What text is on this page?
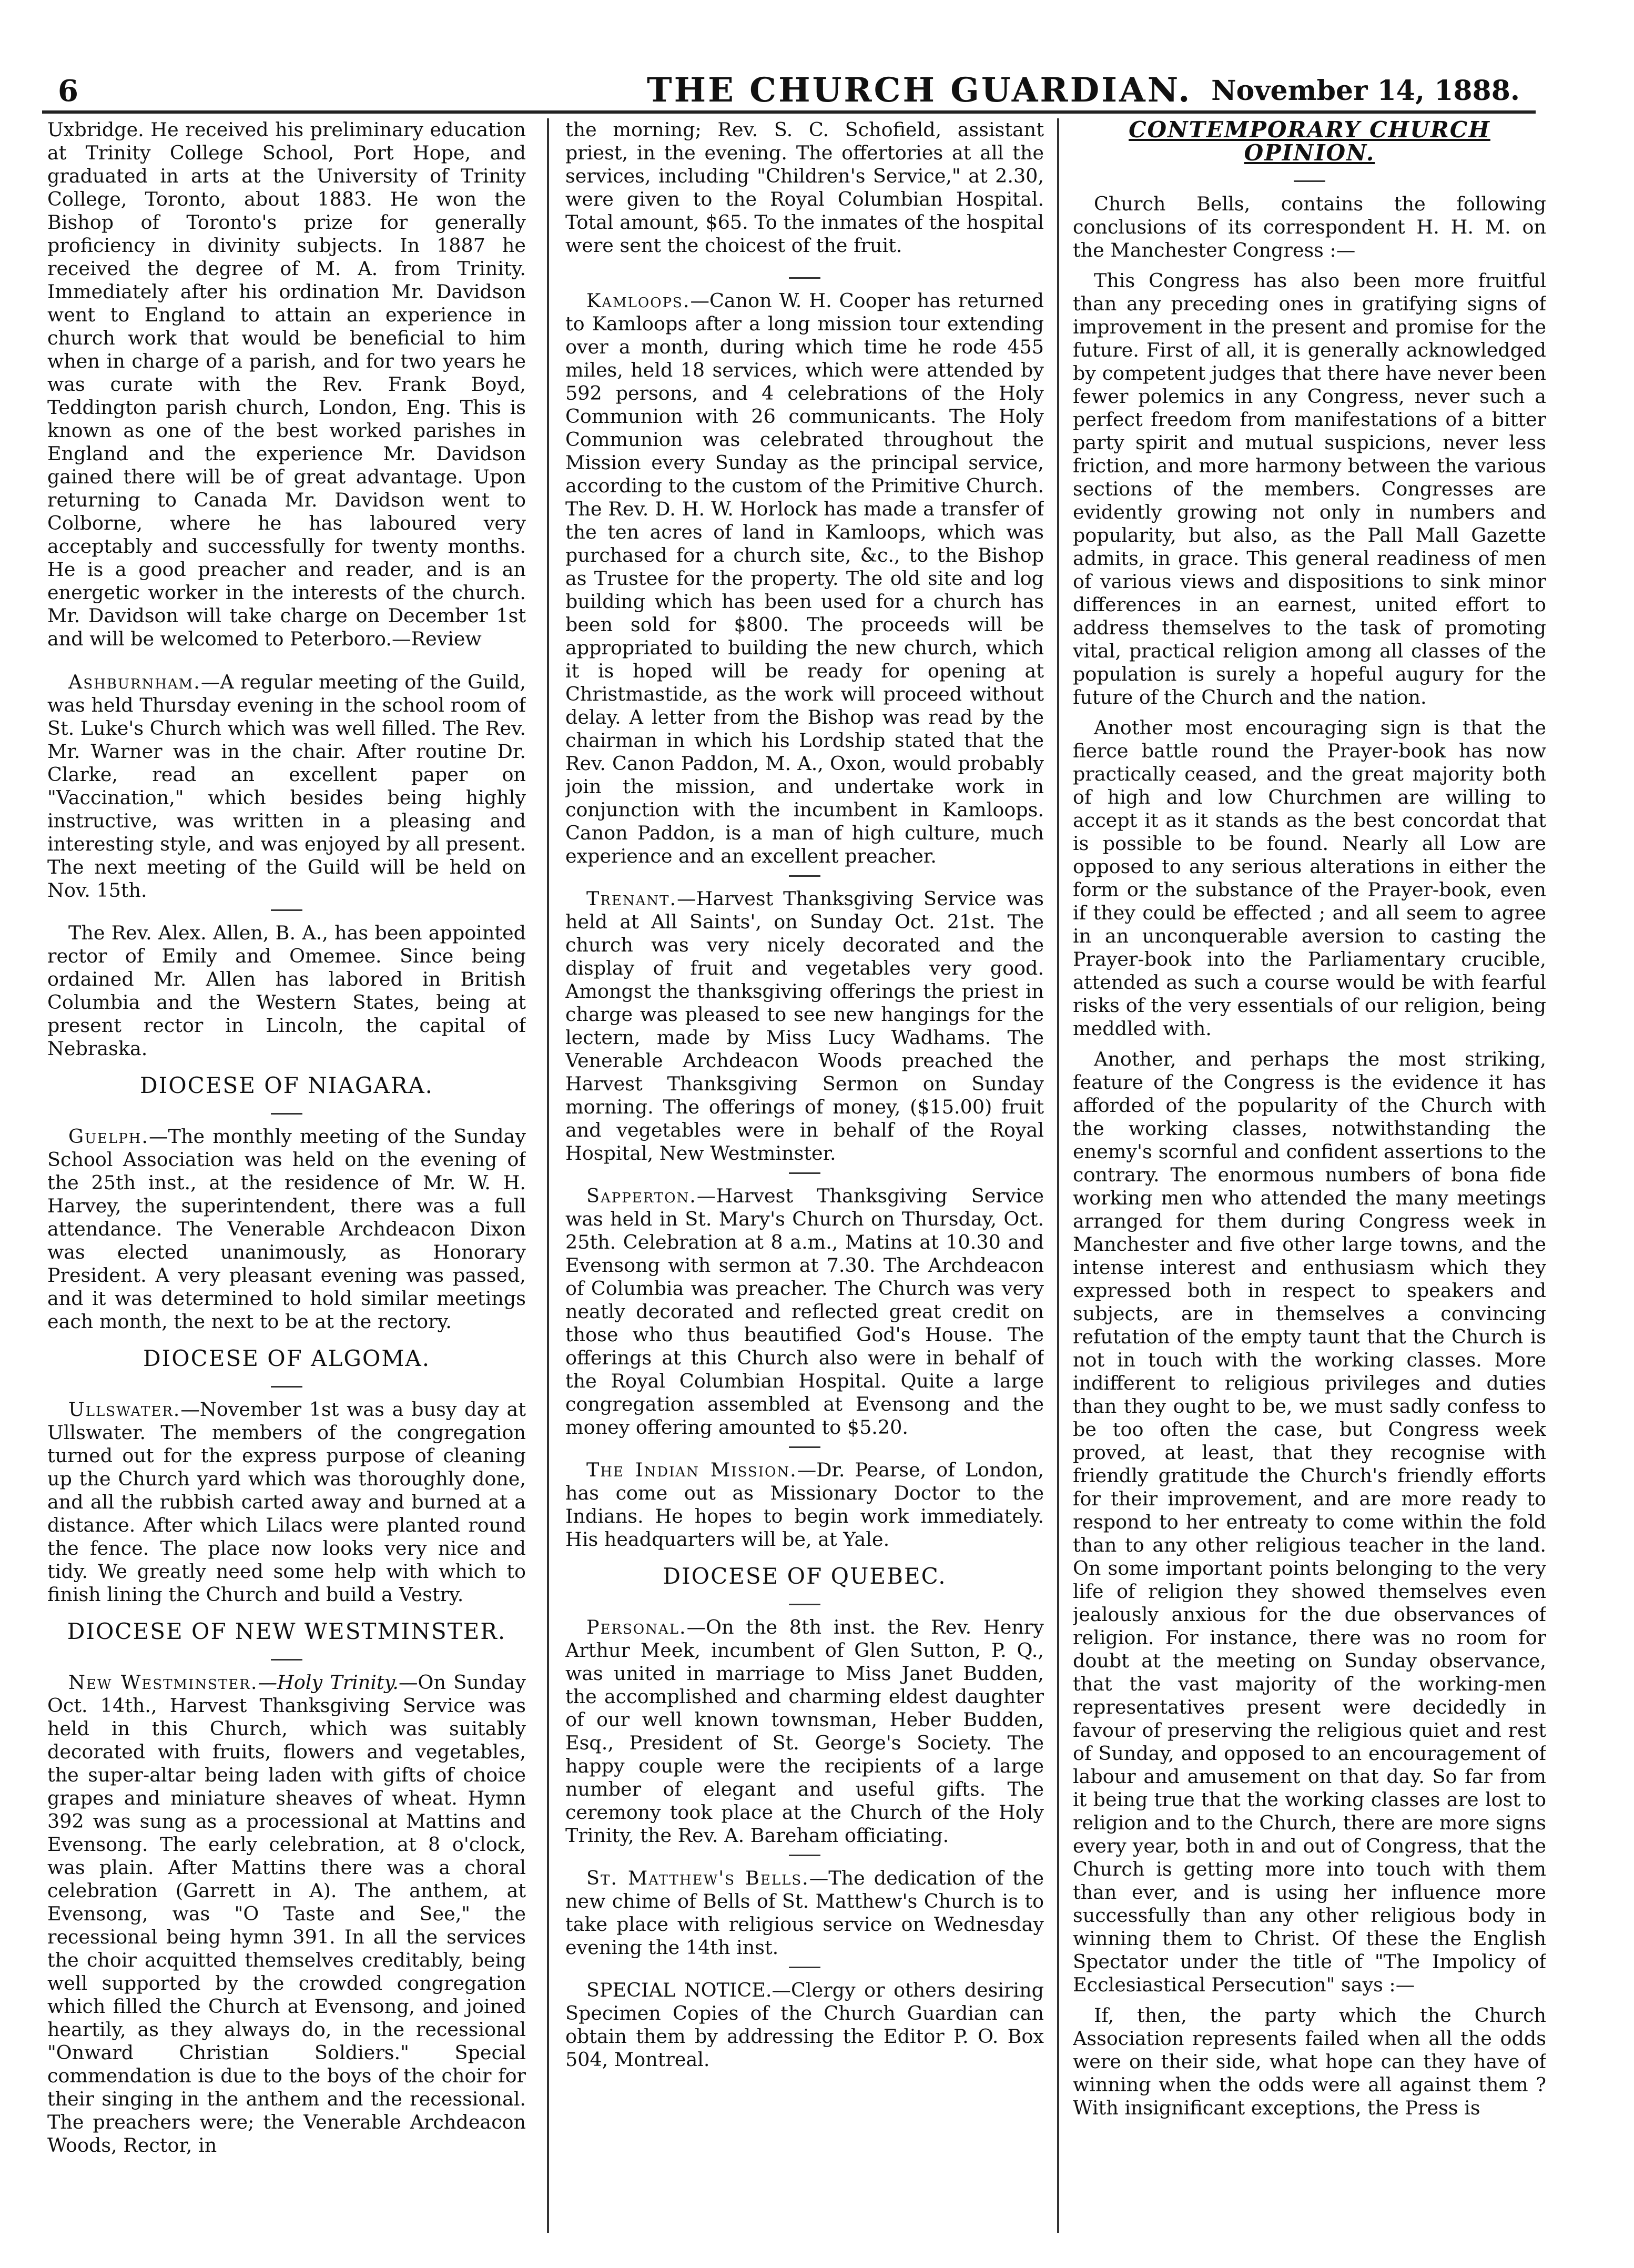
6	THE CHURCH GUARDIAN. November 14, 1888.

Uxbridge. He received his preliminary education at Trinity College School, Port Hope, and graduated in arts at the University of Trinity College, Toronto, about 1883. He won the Bishop of Toronto's prize for generally proficiency in divinity subjects. In 1887 he received the degree of M. A. from Trinity. Immediately after his ordination Mr. Davidson went to England to attain an experience in church work that would be beneficial to him when in charge of a parish, and for two years he was curate with the Rev. Frank Boyd, Teddington parish church, London, Eng. This is known as one of the best worked parishes in England and the experience Mr. Davidson gained there will be of great advantage. Upon returning to Canada Mr. Davidson went to Colborne, where he has laboured very acceptably and successfully for twenty months. He is a good preacher and reader, and is an energetic worker in the interests of the church. Mr. Davidson will take charge on December 1st and will be welcomed to Peterboro.—Review

Ashburnham.—A regular meeting of the Guild, was held Thursday evening in the school room of St. Luke's Church which was well filled. The Rev. Mr. Warner was in the chair. After routine Dr. Clarke, read an excellent paper on "Vaccination," which besides being highly instructive, was written in a pleasing and interesting style, and was enjoyed by all present. The next meeting of the Guild will be held on Nov. 15th.

The Rev. Alex. Allen, B. A., has been appointed rector of Emily and Omemee. Since being ordained Mr. Allen has labored in British Columbia and the Western States, being at present rector in Lincoln, the capital of Nebraska.

DIOCESE OF NIAGARA.

Guelph.—The monthly meeting of the Sunday School Association was held on the evening of the 25th inst., at the residence of Mr. W. H. Harvey, the superintendent, there was a full attendance. The Venerable Archdeacon Dixon was elected unanimously, as Honorary President. A very pleasant evening was passed, and it was determined to hold similar meetings each month, the next to be at the rectory.

DIOCESE OF ALGOMA.

Ullswater.—November 1st was a busy day at Ullswater. The members of the congregation turned out for the express purpose of cleaning up the Church yard which was thoroughly done, and all the rubbish carted away and burned at a distance. After which Lilacs were planted round the fence. The place now looks very nice and tidy. We greatly need some help with which to finish lining the Church and build a Vestry.

DIOCESE OF NEW WESTMINSTER.

New Westminster.—Holy Trinity.—On Sunday Oct. 14th., Harvest Thanksgiving Service was held in this Church, which was suitably decorated with fruits, flowers and vegetables, the super-altar being laden with gifts of choice grapes and miniature sheaves of wheat. Hymn 392 was sung as a processional at Mattins and Evensong. The early celebration, at 8 o'clock, was plain. After Mattins there was a choral celebration (Garrett in A). The anthem, at Evensong, was "O Taste and See," the recessional being hymn 391. In all the services the choir acquitted themselves creditably, being well supported by the crowded congregation which filled the Church at Evensong, and joined heartily, as they always do, in the recessional "Onward Christian Soldiers." Special commendation is due to the boys of the choir for their singing in the anthem and the recessional. The preachers were; the Venerable Archdeacon Woods, Rector, in

the morning; Rev. S. C. Schofield, assistant priest, in the evening. The offertories at all the services, including "Children's Service," at 2.30, were given to the Royal Columbian Hospital. Total amount, $65. To the inmates of the hospital were sent the choicest of the fruit.

Kamloops.—Canon W. H. Cooper has returned to Kamloops after a long mission tour extending over a month, during which time he rode 455 miles, held 18 services, which were attended by 592 persons, and 4 celebrations of the Holy Communion with 26 communicants. The Holy Communion was celebrated throughout the Mission every Sunday as the principal service, according to the custom of the Primitive Church. The Rev. D. H. W. Horlock has made a transfer of the ten acres of land in Kamloops, which was purchased for a church site, &c., to the Bishop as Trustee for the property. The old site and log building which has been used for a church has been sold for $800. The proceeds will be appropriated to building the new church, which it is hoped will be ready for opening at Christmastide, as the work will proceed without delay. A letter from the Bishop was read by the chairman in which his Lordship stated that the Rev. Canon Paddon, M. A., Oxon, would probably join the mission, and undertake work in conjunction with the incumbent in Kamloops. Canon Paddon, is a man of high culture, much experience and an excellent preacher.

Trenant.—Harvest Thanksgiving Service was held at All Saints', on Sunday Oct. 21st. The church was very nicely decorated and the display of fruit and vegetables very good. Amongst the thanksgiving offerings the priest in charge was pleased to see new hangings for the lectern, made by Miss Lucy Wadhams. The Venerable Archdeacon Woods preached the Harvest Thanksgiving Sermon on Sunday morning. The offerings of money, ($15.00) fruit and vegetables were in behalf of the Royal Hospital, New Westminster.

Sapperton.—Harvest Thanksgiving Service was held in St. Mary's Church on Thursday, Oct. 25th. Celebration at 8 a.m., Matins at 10.30 and Evensong with sermon at 7.30. The Archdeacon of Columbia was preacher. The Church was very neatly decorated and reflected great credit on those who thus beautified God's House. The offerings at this Church also were in behalf of the Royal Columbian Hospital. Quite a large congregation assembled at Evensong and the money offering amounted to $5.20.

The Indian Mission.—Dr. Pearse, of London, has come out as Missionary Doctor to the Indians. He hopes to begin work immediately. His headquarters will be, at Yale.

DIOCESE OF QUEBEC.

Personal.—On the 8th inst. the Rev. Henry Arthur Meek, incumbent of Glen Sutton, P. Q., was united in marriage to Miss Janet Budden, the accomplished and charming eldest daughter of our well known townsman, Heber Budden, Esq., President of St. George's Society. The happy couple were the recipients of a large number of elegant and useful gifts. The ceremony took place at the Church of the Holy Trinity, the Rev. A. Bareham officiating.

St. Matthew's Bells.—The dedication of the new chime of Bells of St. Matthew's Church is to take place with religious service on Wednesday evening the 14th inst.

SPECIAL NOTICE.—Clergy or others desiring Specimen Copies of the Church Guardian can obtain them by addressing the Editor P. O. Box 504, Montreal.

CONTEMPORARY CHURCH OPINION.

Church Bells, contains the following conclusions of its correspondent H. H. M. on the Manchester Congress :—

This Congress has also been more fruitful than any preceding ones in gratifying signs of improvement in the present and promise for the future. First of all, it is generally acknowledged by competent judges that there have never been fewer polemics in any Congress, never such a perfect freedom from manifestations of a bitter party spirit and mutual suspicions, never less friction, and more harmony between the various sections of the members. Congresses are evidently growing not only in numbers and popularity, but also, as the Pall Mall Gazette admits, in grace. This general readiness of men of various views and dispositions to sink minor differences in an earnest, united effort to address themselves to the task of promoting vital, practical religion among all classes of the population is surely a hopeful augury for the future of the Church and the nation.

Another most encouraging sign is that the fierce battle round the Prayer-book has now practically ceased, and the great majority both of high and low Churchmen are willing to accept it as it stands as the best concordat that is possible to be found. Nearly all Low are opposed to any serious alterations in either the form or the substance of the Prayer-book, even if they could be effected ; and all seem to agree in an unconquerable aversion to casting the Prayer-book into the Parliamentary crucible, attended as such a course would be with fearful risks of the very essentials of our religion, being meddled with.

Another, and perhaps the most striking, feature of the Congress is the evidence it has afforded of the popularity of the Church with the working classes, notwithstanding the enemy's scornful and confident assertions to the contrary. The enormous numbers of bona fide working men who attended the many meetings arranged for them during Congress week in Manchester and five other large towns, and the intense interest and enthusiasm which they expressed both in respect to speakers and subjects, are in themselves a convincing refutation of the empty taunt that the Church is not in touch with the working classes. More indifferent to religious privileges and duties than they ought to be, we must sadly confess to be too often the case, but Congress week proved, at least, that they recognise with friendly gratitude the Church's friendly efforts for their improvement, and are more ready to respond to her entreaty to come within the fold than to any other religious teacher in the land. On some important points belonging to the very life of religion they showed themselves even jealously anxious for the due observances of religion. For instance, there was no room for doubt at the meeting on Sunday observance, that the vast majority of the working-men representatives present were decidedly in favour of preserving the religious quiet and rest of Sunday, and opposed to an encouragement of labour and amusement on that day. So far from it being true that the working classes are lost to religion and to the Church, there are more signs every year, both in and out of Congress, that the Church is getting more into touch with them than ever, and is using her influence more successfully than any other religious body in winning them to Christ. Of these the English Spectator under the title of "The Impolicy of Ecclesiastical Persecution" says :—

If, then, the party which the Church Association represents failed when all the odds were on their side, what hope can they have of winning when the odds were all against them ? With insignificant exceptions, the Press is
